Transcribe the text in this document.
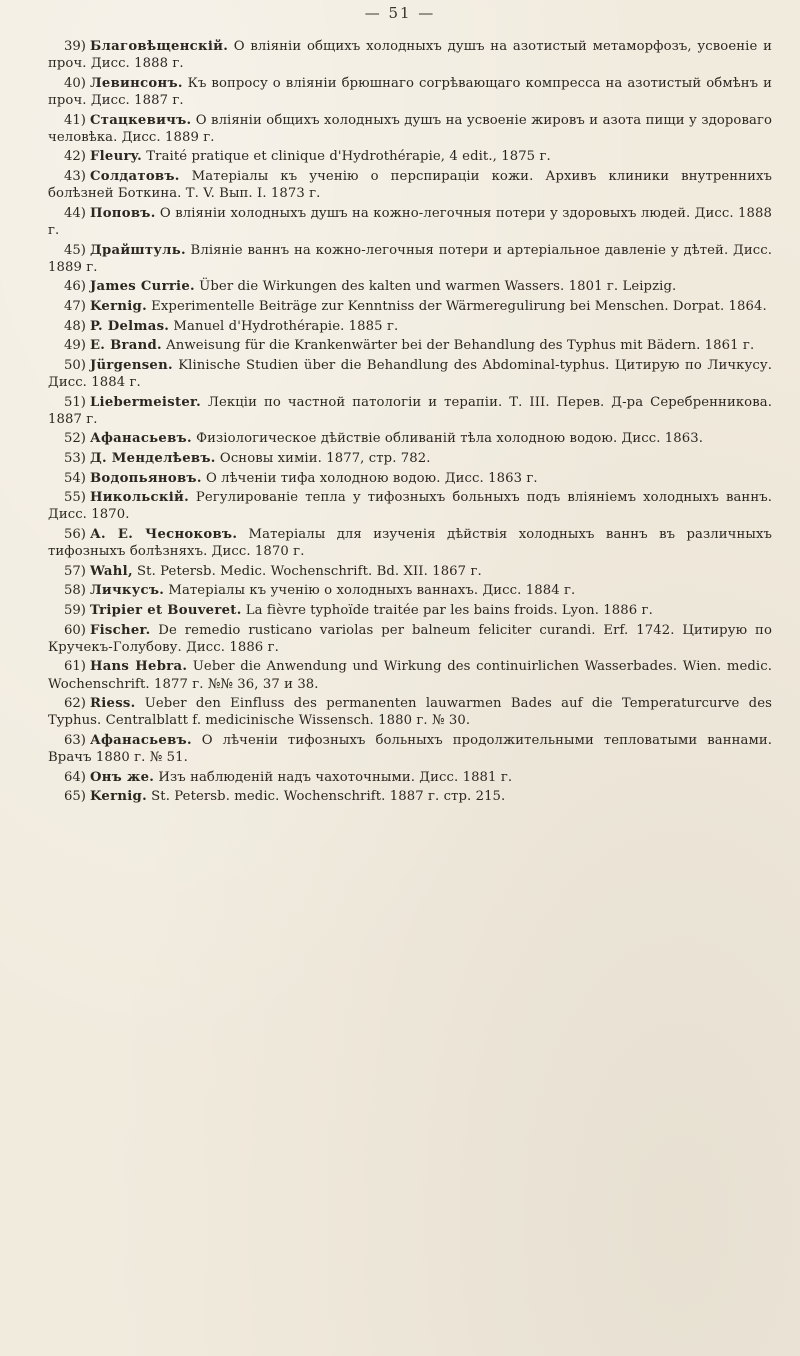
— 51 —
39) Благовѣщенскій. О вліяніи общихъ холодныхъ душъ на азотистый метаморфозъ, усвоеніе и проч. Дисс. 1888 г.
40) Левинсонъ. Къ вопросу о вліяніи брюшнаго согрѣвающаго компресса на азотистый обмѣнъ и проч. Дисс. 1887 г.
41) Стацкевичъ. О вліяніи общихъ холодныхъ душъ на усвоеніе жировъ и азота пищи у здороваго человѣка. Дисс. 1889 г.
42) Fleury. Traité pratique et clinique d'Hydrothérapie, 4 edit., 1875 г.
43) Солдатовъ. Матеріалы къ ученію о перспираціи кожи. Архивъ клиники внутреннихъ болѣзней Боткина. Т. V. Вып. I. 1873 г.
44) Поповъ. О вліяніи холодныхъ душъ на кожно-легочныя потери у здоровыхъ людей. Дисс. 1888 г.
45) Драйштуль. Вліяніе ваннъ на кожно-легочныя потери и артеріальное давленіе у дѣтей. Дисс. 1889 г.
46) James Currie. Über die Wirkungen des kalten und warmen Wassers. 1801 г. Leipzig.
47) Kernig. Experimentelle Beiträge zur Kenntniss der Wärmeregulirung bei Menschen. Dorpat. 1864.
48) P. Delmas. Manuel d'Hydrothérapie. 1885 г.
49) E. Brand. Anweisung für die Krankenwärter bei der Behandlung des Typhus mit Bädern. 1861 г.
50) Jürgensen. Klinische Studien über die Behandlung des Abdominal-typhus. Цитирую по Личкусу. Дисс. 1884 г.
51) Liebermeister. Лекціи по частной патологіи и терапіи. Т. III. Перев. Д-ра Серебренникова. 1887 г.
52) Афанасьевъ. Физіологическое дѣйствіе обливаній тѣла холодною водою. Дисс. 1863.
53) Д. Менделѣевъ. Основы химіи. 1877, стр. 782.
54) Водопьяновъ. О лѣченіи тифа холодною водою. Дисс. 1863 г.
55) Никольскій. Регулированіе тепла у тифозныхъ больныхъ подъ вліяніемъ холодныхъ ваннъ. Дисс. 1870.
56) А. Е. Чесноковъ. Матеріалы для изученія дѣйствія холодныхъ ваннъ въ различныхъ тифозныхъ болѣзняхъ. Дисс. 1870 г.
57) Wahl, St. Petersb. Medic. Wochenschrift. Bd. XII. 1867 г.
58) Личкусъ. Матеріалы къ ученію о холодныхъ ваннахъ. Дисс. 1884 г.
59) Tripier et Bouveret. La fièvre typhoïde traitée par les bains froids. Lyon. 1886 г.
60) Fischer. De remedio rusticano variolas per balneum feliciter curandi. Erf. 1742. Цитирую по Кручекъ-Голубову. Дисс. 1886 г.
61) Hans Hebra. Ueber die Anwendung und Wirkung des continuirlichen Wasserbades. Wien. medic. Wochenschrift. 1877 г. №№ 36, 37 и 38.
62) Riess. Ueber den Einfluss des permanenten lauwarmen Bades auf die Temperaturcurve des Typhus. Centralblatt f. medicinische Wissensch. 1880 г. № 30.
63) Афанасьевъ. О лѣченіи тифозныхъ больныхъ продолжительными тепловатыми ваннами. Врачъ 1880 г. № 51.
64) Онъ же. Изъ наблюденій надъ чахоточными. Дисс. 1881 г.
65) Kernig. St. Petersb. medic. Wochenschrift. 1887 г. стр. 215.
